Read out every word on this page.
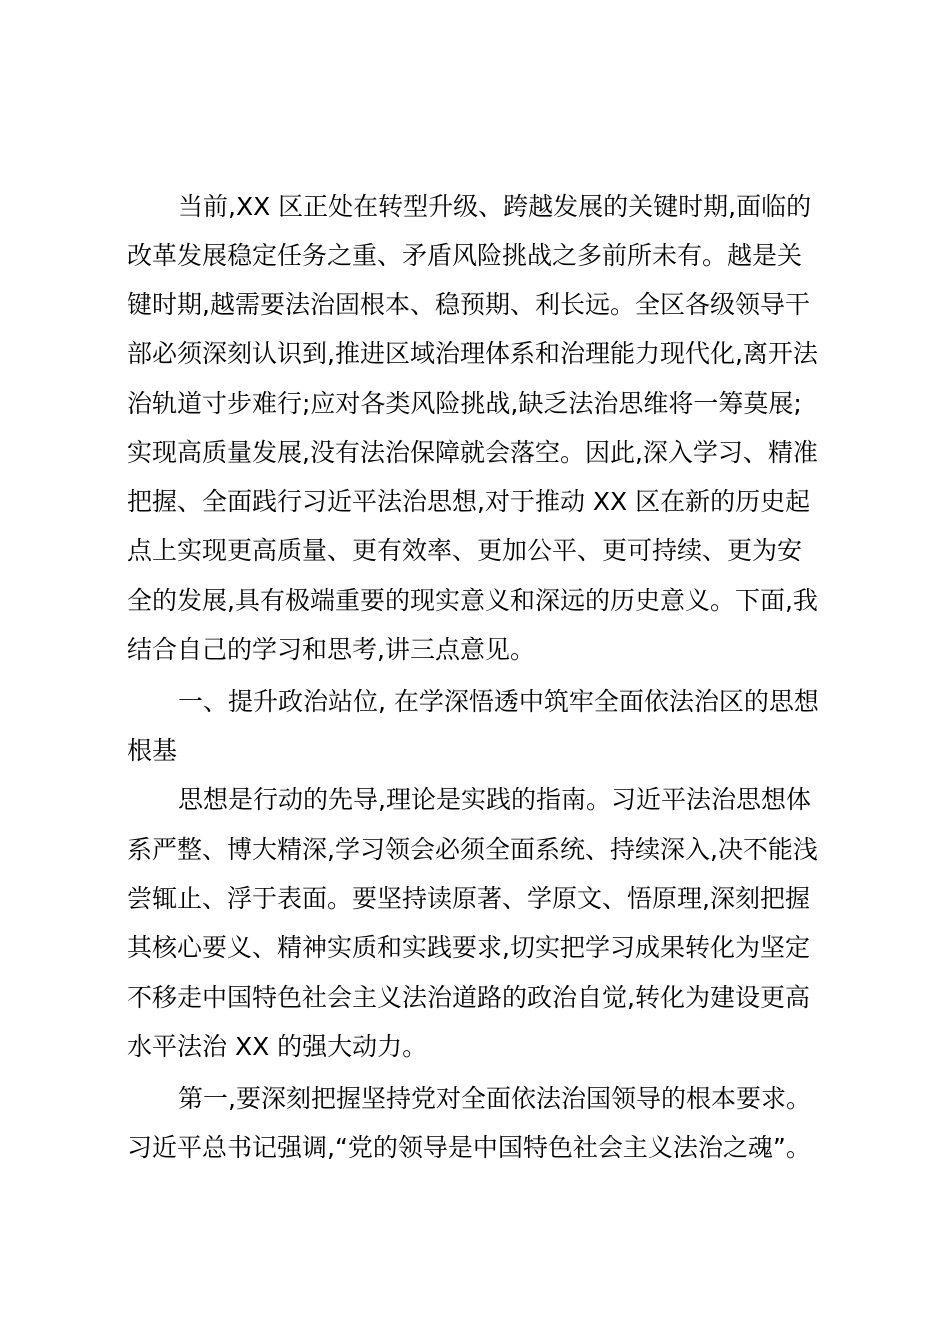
当前,XX 区正处在转型升级、跨越发展的关键时期,面临的
改革发展稳定任务之重、矛盾风险挑战之多前所未有。越是关
键时期,越需要法治固根本、稳预期、利长远。全区各级领导干
部必须深刻认识到,推进区域治理体系和治理能力现代化,离开法
治轨道寸步难行;应对各类风险挑战,缺乏法治思维将一筹莫展;
实现高质量发展,没有法治保障就会落空。因此,深入学习、精准
把握、全面践行习近平法治思想,对于推动 XX 区在新的历史起
点上实现更高质量、更有效率、更加公平、更可持续、更为安
全的发展,具有极端重要的现实意义和深远的历史意义。下面,我
结合自己的学习和思考,讲三点意见。
一、提升政治站位, 在学深悟透中筑牢全面依法治区的思想
根基
思想是行动的先导,理论是实践的指南。习近平法治思想体
系严整、博大精深,学习领会必须全面系统、持续深入,决不能浅
尝辄止、浮于表面。要坚持读原著、学原文、悟原理,深刻把握
其核心要义、精神实质和实践要求,切实把学习成果转化为坚定
不移走中国特色社会主义法治道路的政治自觉,转化为建设更高
水平法治 XX 的强大动力。
第一,要深刻把握坚持党对全面依法治国领导的根本要求。
习近平总书记强调,“党的领导是中国特色社会主义法治之魂”。
